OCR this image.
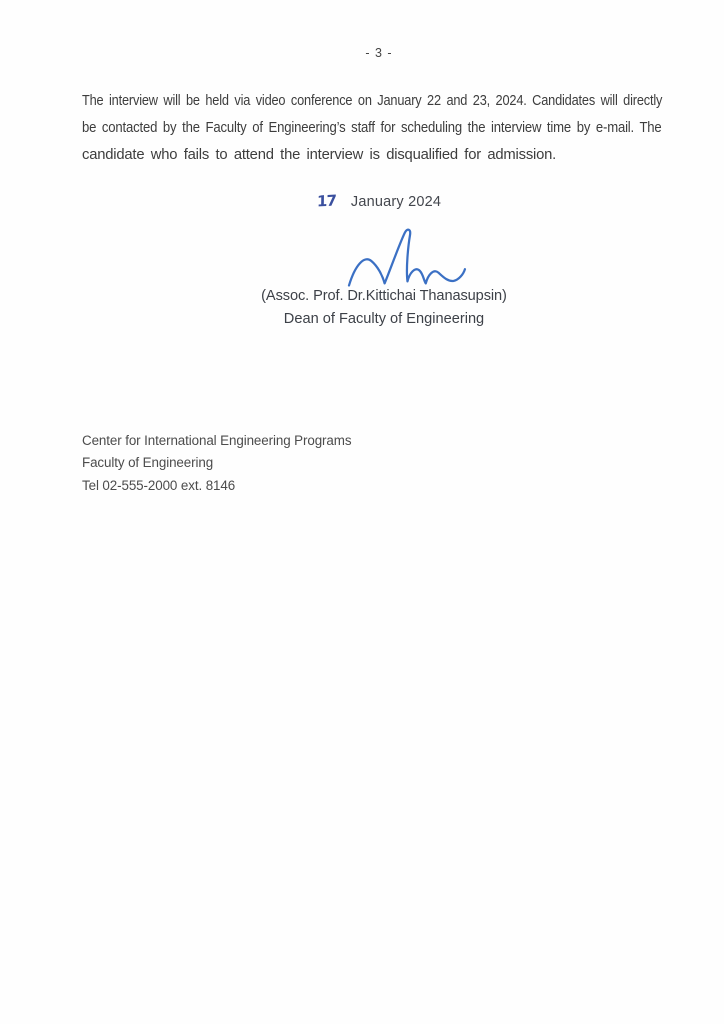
- 3 -
The interview will be held via video conference on January 22 and 23, 2024. Candidates will directly
be contacted by the Faculty of Engineering’s staff for scheduling the interview time by e-mail. The
candidate who fails to attend the interview is disqualified for admission.
17 January 2024
(Assoc. Prof. Dr.Kittichai Thanasupsin)
Dean of Faculty of Engineering
Center for International Engineering Programs
Faculty of Engineering
Tel 02-555-2000 ext. 8146
